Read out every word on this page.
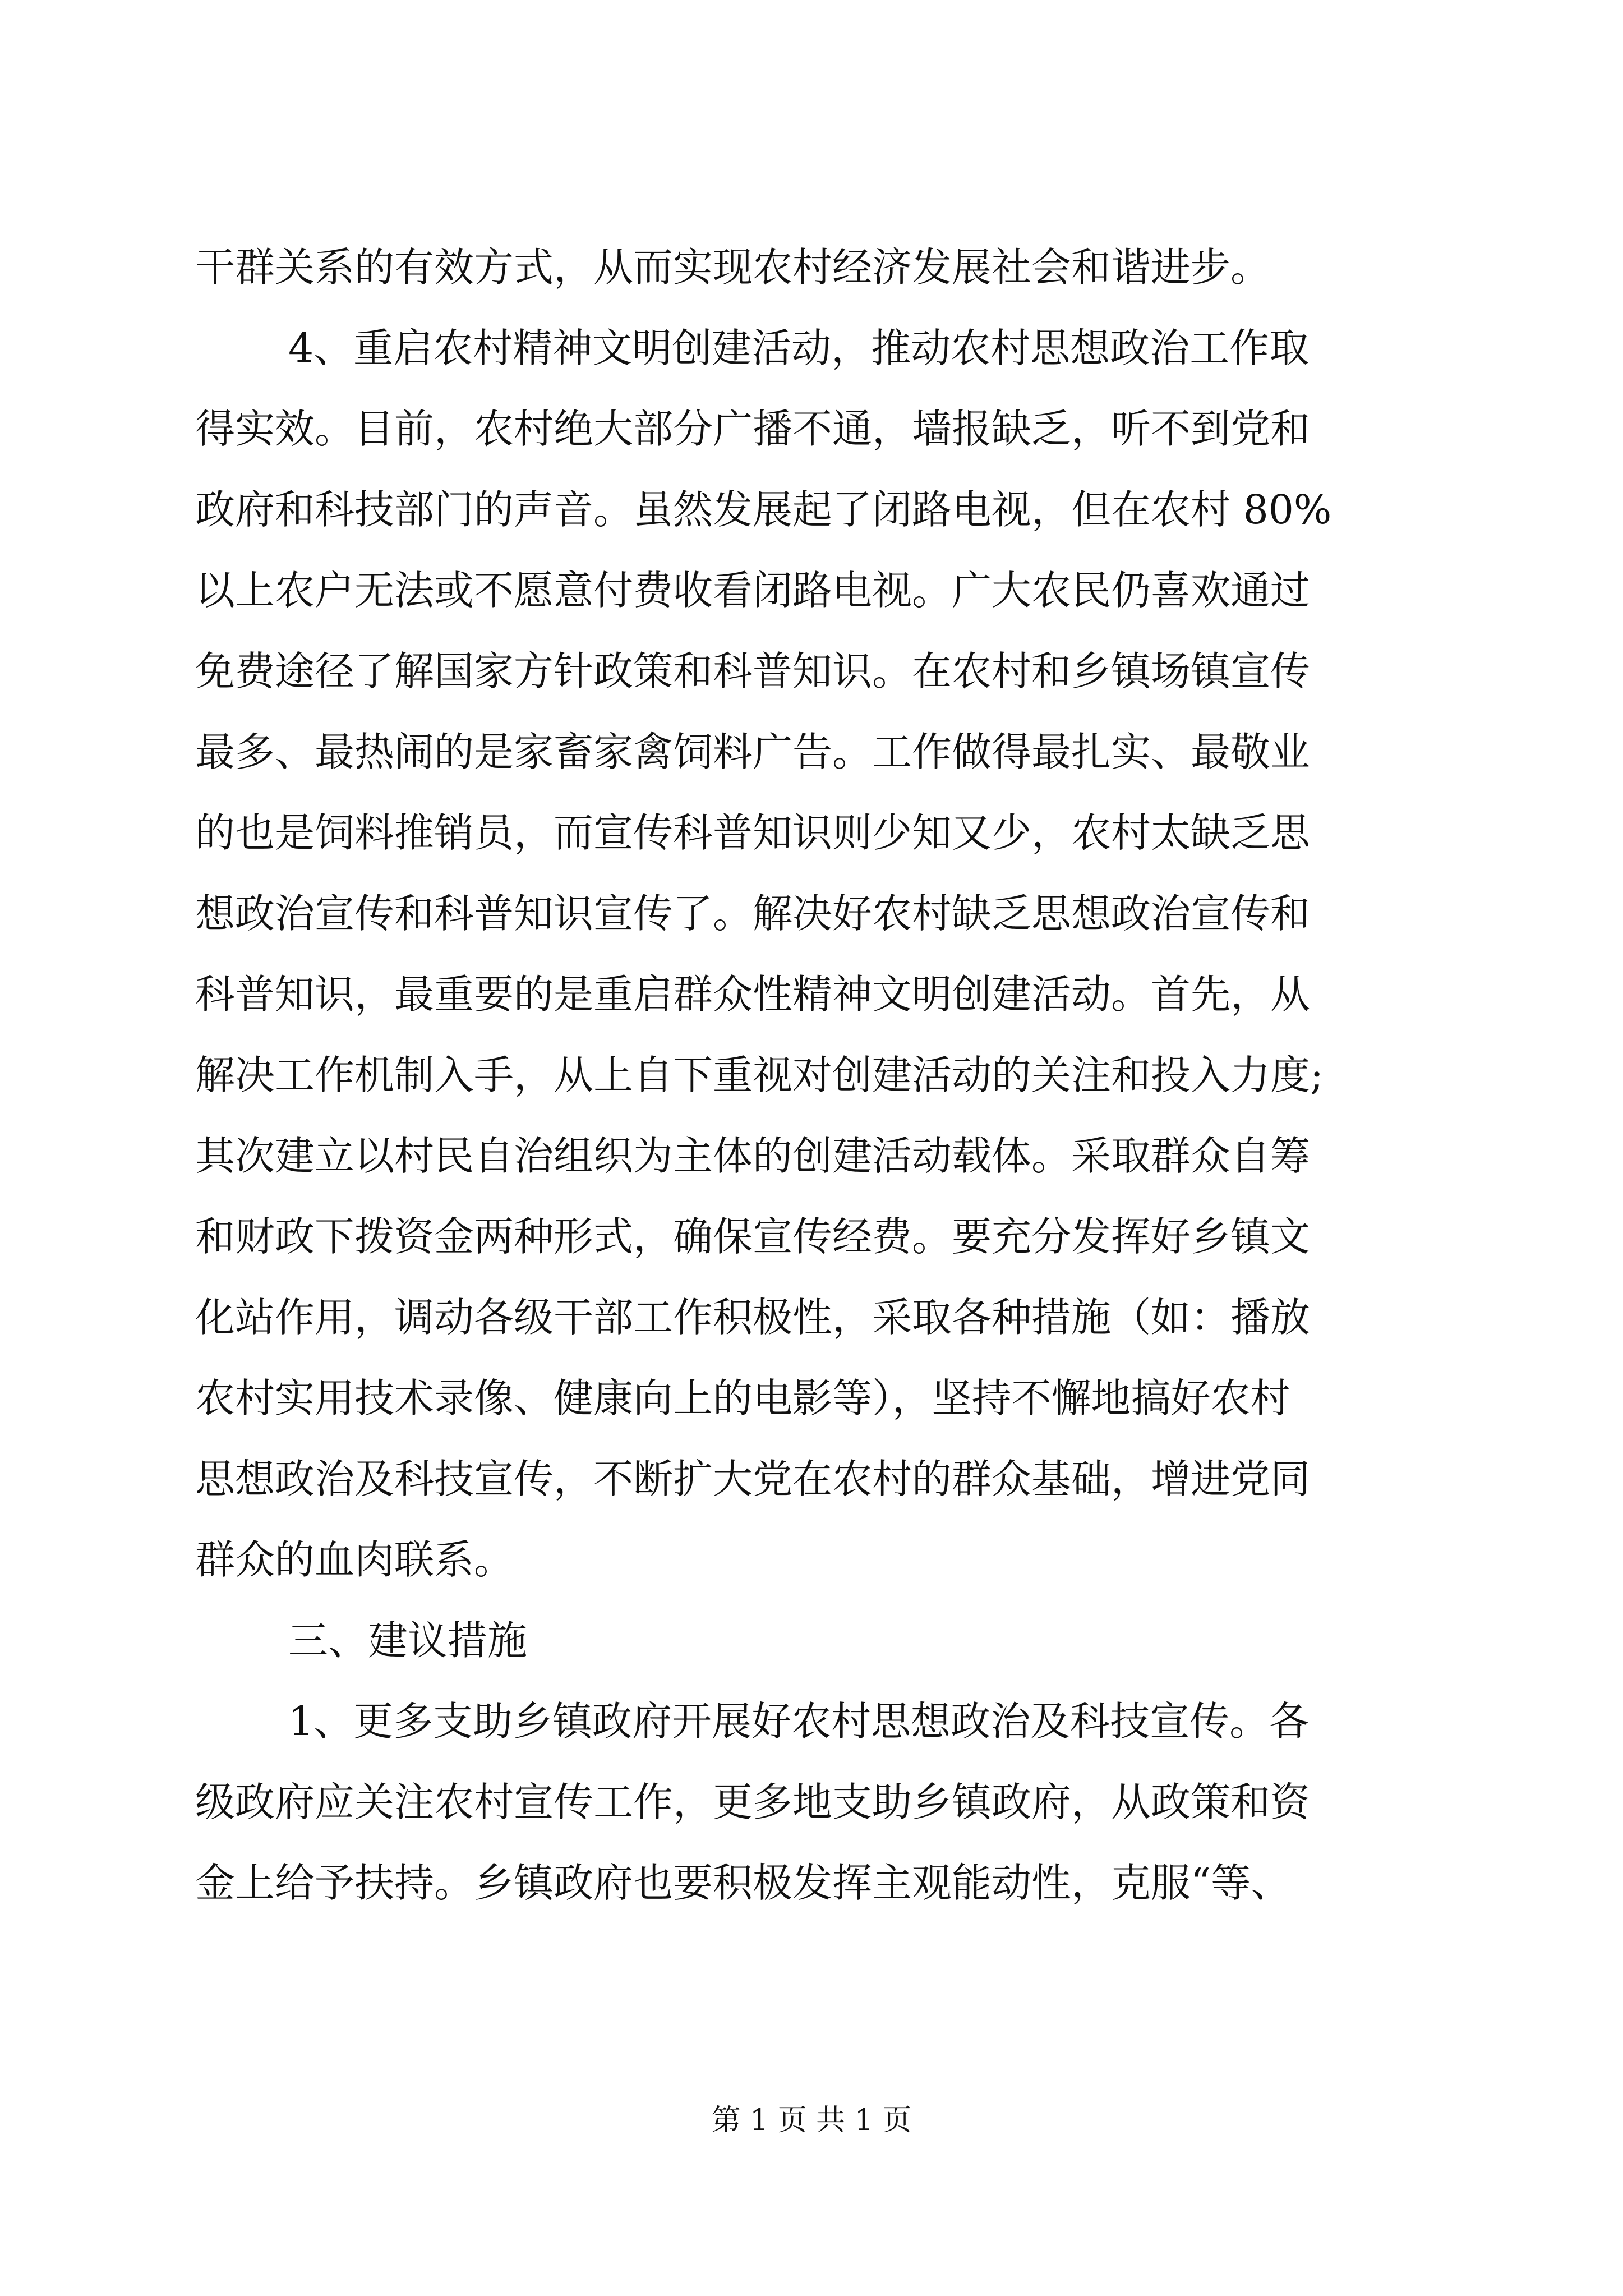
干群关系的有效方式，从而实现农村经济发展社会和谐进步。
4、重启农村精神文明创建活动，推动农村思想政治工作取
得实效。目前，农村绝大部分广播不通，墙报缺乏，听不到党和
政府和科技部门的声音。虽然发展起了闭路电视，但在农村 80%
以上农户无法或不愿意付费收看闭路电视。广大农民仍喜欢通过
免费途径了解国家方针政策和科普知识。在农村和乡镇场镇宣传
最多、最热闹的是家畜家禽饲料广告。工作做得最扎实、最敬业
的也是饲料推销员，而宣传科普知识则少知又少，农村太缺乏思
想政治宣传和科普知识宣传了。解决好农村缺乏思想政治宣传和
科普知识，最重要的是重启群众性精神文明创建活动。首先，从
解决工作机制入手，从上自下重视对创建活动的关注和投入力度;
其次建立以村民自治组织为主体的创建活动载体。采取群众自筹
和财政下拨资金两种形式，确保宣传经费。要充分发挥好乡镇文
化站作用，调动各级干部工作积极性，采取各种措施（如：播放
农村实用技术录像、健康向上的电影等），坚持不懈地搞好农村
思想政治及科技宣传，不断扩大党在农村的群众基础，增进党同
群众的血肉联系。
三、建议措施
1、更多支助乡镇政府开展好农村思想政治及科技宣传。各
级政府应关注农村宣传工作，更多地支助乡镇政府，从政策和资
金上给予扶持。乡镇政府也要积极发挥主观能动性，克服“等、
第 1 页 共 1 页
